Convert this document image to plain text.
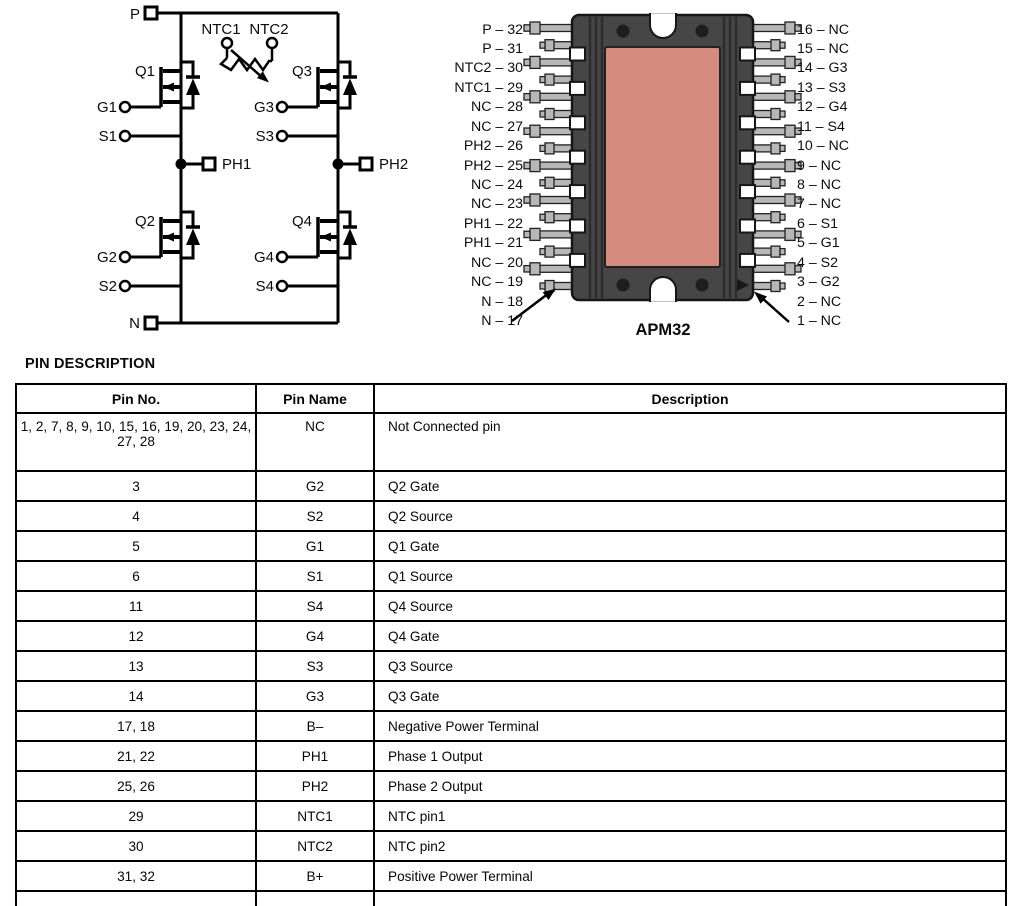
P
N
PH1	PH2
NTC1 NTC2
Q1
Q2
Q3
Q4
G1
S1
G2
S2
G3
S3
G4
S4
APM32
P – 32
P – 31
NTC2 – 30
NTC1 – 29
NC – 28
NC – 27
PH2 – 26
PH2 – 25
NC – 24
NC – 23
PH1 – 22
PH1 – 21
NC – 20
NC – 19
N – 18
N – 17
16 – NC
15 – NC
14 – G3
13 – S3
12 – G4
11 – S4
10 – NC
9 – NC
8 – NC
7 – NC
6 – S1
5 – G1
4 – S2
3 – G2
2 – NC
1 – NC
PIN DESCRIPTION
Pin No.	Pin Name	Description
1, 2, 7, 8, 9, 10, 15, 16, 19, 20, 23, 24, 27, 28	NC	Not Connected pin
3	G2	Q2 Gate
4	S2	Q2 Source
5	G1	Q1 Gate
6	S1	Q1 Source
11	S4	Q4 Source
12	G4	Q4 Gate
13	S3	Q3 Source
14	G3	Q3 Gate
17, 18	B–	Negative Power Terminal
21, 22	PH1	Phase 1 Output
25, 26	PH2	Phase 2 Output
29	NTC1	NTC pin1
30	NTC2	NTC pin2
31, 32	B+	Positive Power Terminal
